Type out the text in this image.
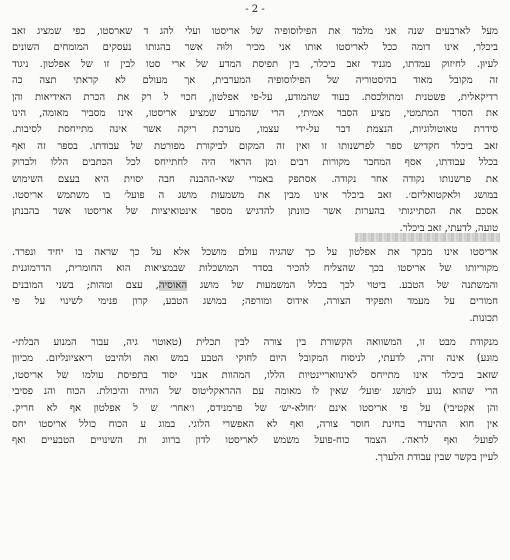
- 2 -
מעל לארבעים שנה אני מלמד את הפילוסופיה של אריסטו ועלי להג ד שארסטו, כפי שמציג זאב
ביכלר, אינו דומה ככל לאריסטו אותו אני מכיר ולוּה אשר בהגותו נעסקים המומחים השונים
לעיוּן. לחיזוק עמדתו, מגניד זאב ביכלר, בין תפיסת המדע של ארי סטו לבין זו של אפלטון. ניגוד
זה מקובל מאוד בהיסטוריה של הפילוסופיה המערבית, אך מעולם לא קראתי תצה כה
רדיקאלית, פשטנית ומתולכסת. בעוד שהמודע, על-פי אפלטון, חכוי ל רק את הכרת האידיאות והן
את הסדר המתמטי, מציע הסבר אמיתי, הרי שהמדע שמציע אריסטו, אינו מסביר מאומה, הינו
סידרת טאוטולוגיות, הנצמת דבר על-ידי עצמו, מערכת ריקה אשר אינה מתייחסת לסיבות.
זאב ביכלר חקדיש ספר לפרשנותו זו ואין זה המקום לביקורת מפורטת של עבודתו. בספר זה ואף
בכלל עבודתו, אסף המחבר מקורות רבים ומן הראוי היה לחתייחס לכל הכתבים הללו ולבדוק
את פרשנותו נקודה אחר נקודה. אסתפק באמרי שאי-ההבנה חבה יסוית היא בעצם השימוש
במושג ולאקטואליזם׳. זאב ביכלר אינו מבין את משמעות מושג ה פועל׳ בו משתמש אריסטו.
אסכם את הסתייגותי בהערות אשר כוונתן להדגיש מספר אינטואיציות של אריסטו אשר בהבנתן
טועה, לדעתי, זאב ביכלר.
אריסטו אינו מבקר את אפלטון על כך שהגיה עולם מושכל אלא על כך שראה בו יחיד ונפרד.
מקוריותו של אריסטו בכך שהצליח להכיר בסדר המושכלות שבמציאות הוא החומרית, הדרמוגנית
והמשתנה של הטבע. ביטוי לכך בכלל המשמעות של מושג האוסיה, עצם ומהות; בשני המובנים
חמורים על מעמד ותפקיד הצורה, אידוס ומורפה; במושג הטבע, קרון פנימי לשינוי על פי
תכונות.
מנקודת מבט זו, המשוואה הקשורת בין צורה לבין תכלית (טאוטוי גיה, עבור המנוע הבלתי-
מוּנע) אינה זרה, לדעתי, לניסוח המקובל היום לחוקי הטבע במש ואה ולהיבט ריאציונליזם. מכיוון
שזאב ביכלר אינו מתייחס לאינוואריינטיות הללו, המהוות אבני יסוד בתפיסת עולמו של אריסטו,
הרי שהוא נגוע למושג ׳פועל׳ שאין לו מאומה עם ההראקליטוס של הוויה והיכולת. הכוח והנ פסיבי
והן אקטיבי) על פי אריסטו אינם ׳חולא-יש׳ של פרמנידס, ו׳אחר׳ ש ל אפלטון אף לא חריק.
אין חוא ההיעדר בחינת חוסר צורה, ואף לא האפשרי הלוגי. במוג ע הכוח כולל אריסטו יחס
לפועל׳ ואף לראה׳. הצמד כוח-פועל משמש לאריסטו לדון ברווג ות השינויים הטבעיים ואף
לעיין בקשר שבין עבודת הלערך.
